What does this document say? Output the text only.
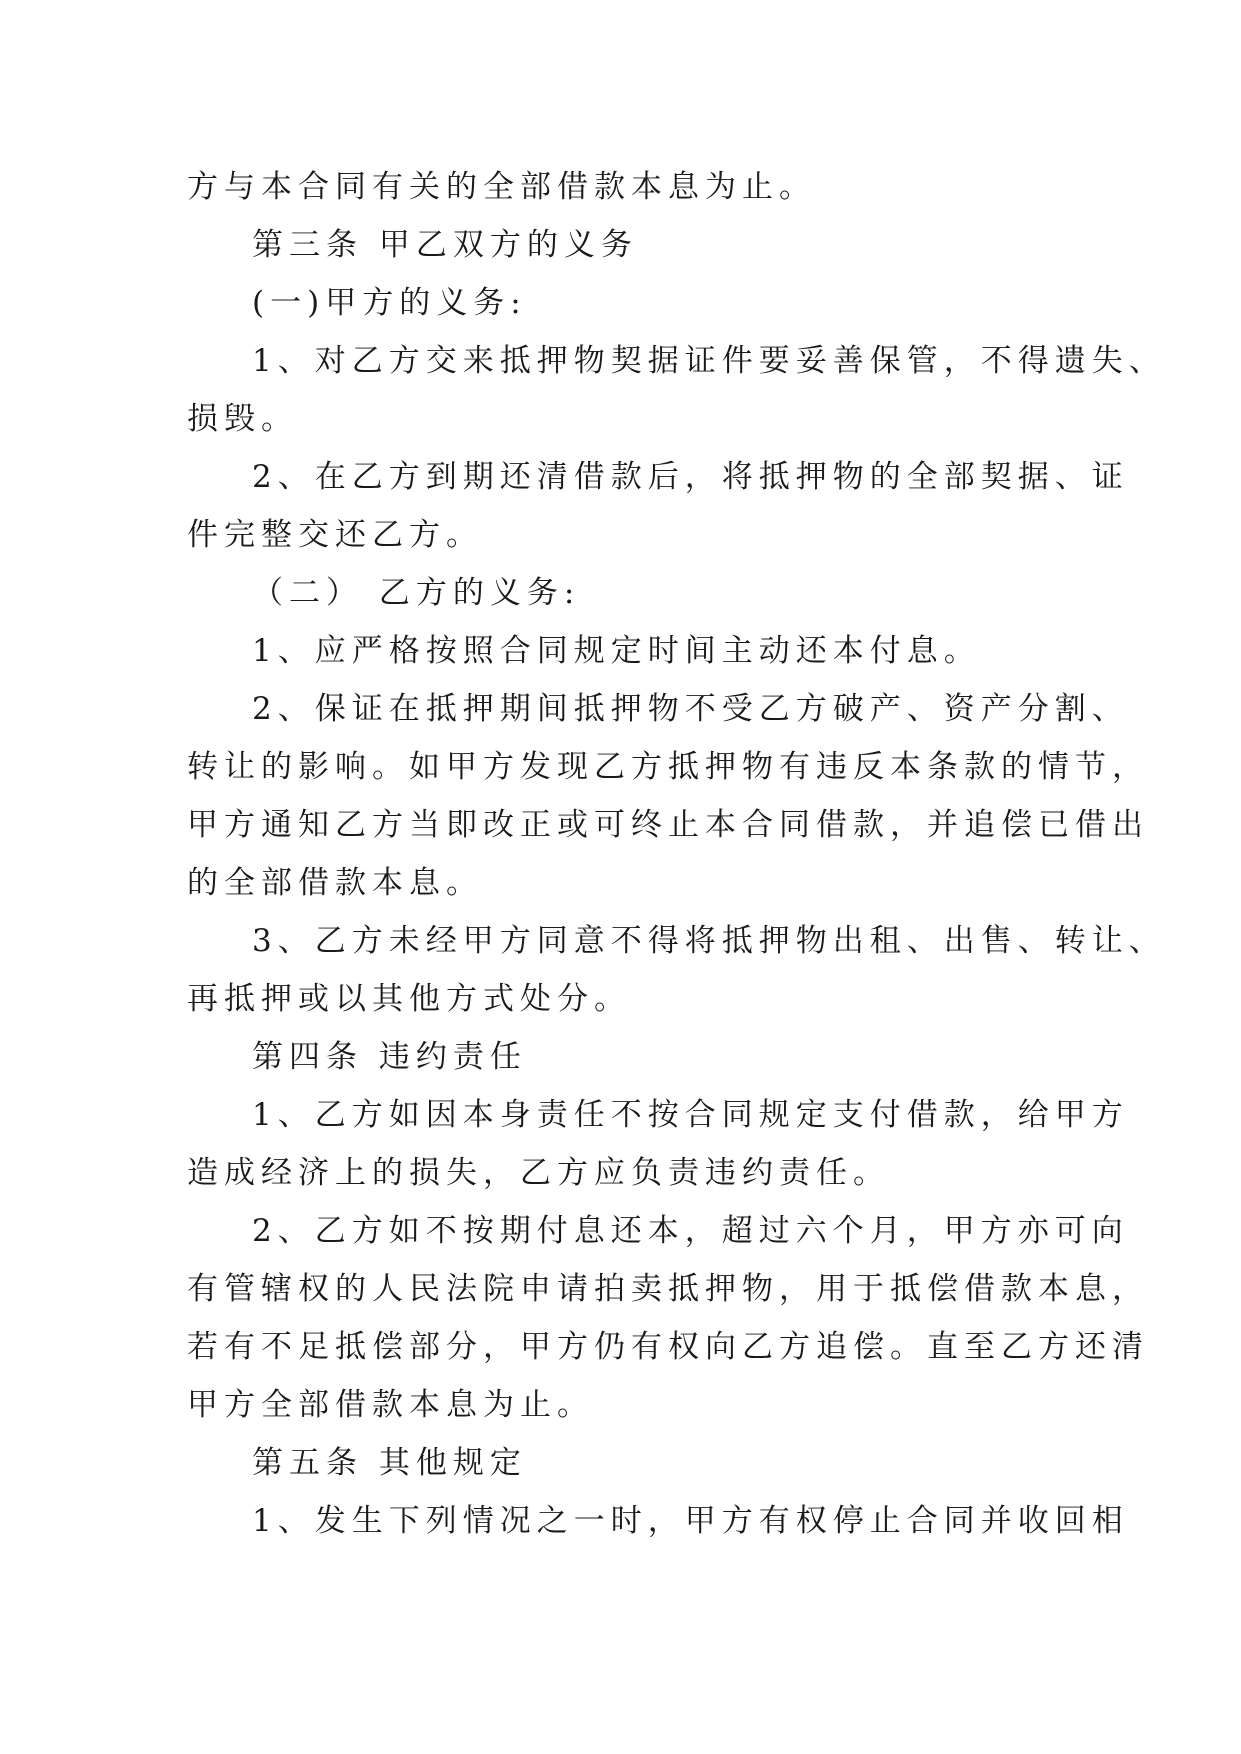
方与本合同有关的全部借款本息为止。
第三条 甲乙双方的义务
(一)甲方的义务:
1、对乙方交来抵押物契据证件要妥善保管，不得遗失、
损毁。
2、在乙方到期还清借款后，将抵押物的全部契据、证
件完整交还乙方。
（二） 乙方的义务:
1、应严格按照合同规定时间主动还本付息。
2、保证在抵押期间抵押物不受乙方破产、资产分割、
转让的影响。如甲方发现乙方抵押物有违反本条款的情节，
甲方通知乙方当即改正或可终止本合同借款，并追偿已借出
的全部借款本息。
3、乙方未经甲方同意不得将抵押物出租、出售、转让、
再抵押或以其他方式处分。
第四条 违约责任
1、乙方如因本身责任不按合同规定支付借款，给甲方
造成经济上的损失，乙方应负责违约责任。
2、乙方如不按期付息还本，超过六个月，甲方亦可向
有管辖权的人民法院申请拍卖抵押物，用于抵偿借款本息，
若有不足抵偿部分，甲方仍有权向乙方追偿。直至乙方还清
甲方全部借款本息为止。
第五条 其他规定
1、发生下列情况之一时，甲方有权停止合同并收回相
